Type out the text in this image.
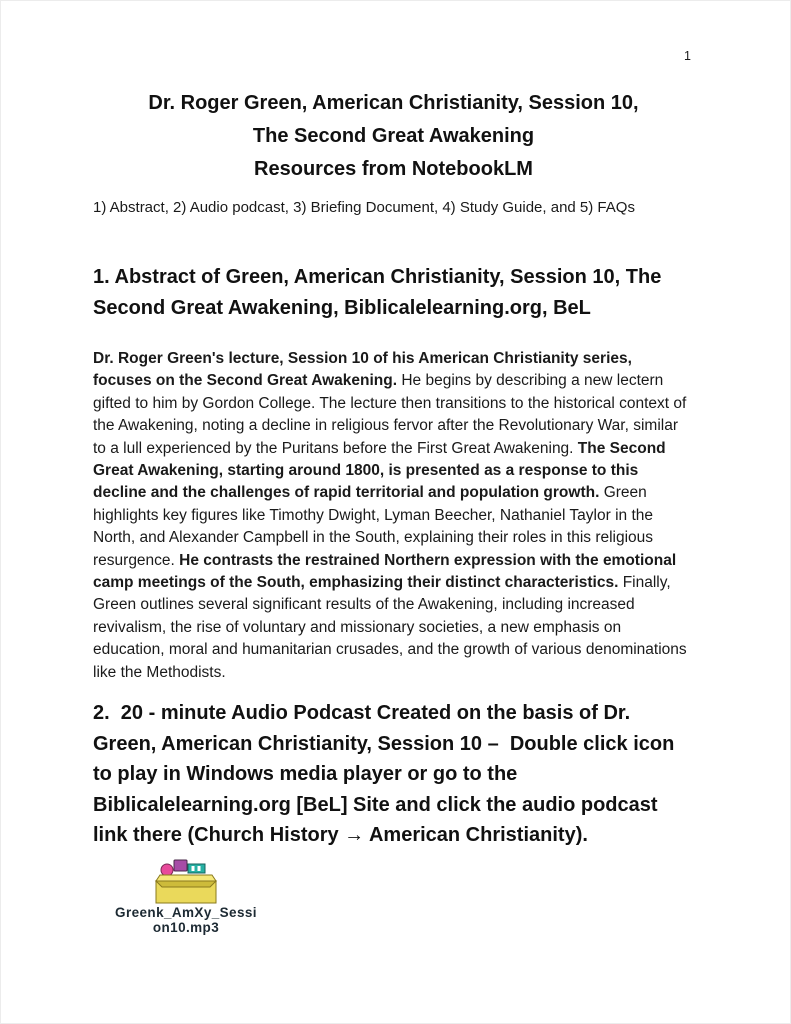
1
Dr. Roger Green, American Christianity, Session 10,
The Second Great Awakening
Resources from NotebookLM

1) Abstract, 2) Audio podcast, 3) Briefing Document, 4) Study Guide, and 5) FAQs

1. Abstract of Green, American Christianity, Session 10, The Second Great Awakening, Biblicalelearning.org, BeL

Dr. Roger Green's lecture, Session 10 of his American Christianity series, focuses on the Second Great Awakening. He begins by describing a new lectern gifted to him by Gordon College. The lecture then transitions to the historical context of the Awakening, noting a decline in religious fervor after the Revolutionary War, similar to a lull experienced by the Puritans before the First Great Awakening. The Second Great Awakening, starting around 1800, is presented as a response to this decline and the challenges of rapid territorial and population growth. Green highlights key figures like Timothy Dwight, Lyman Beecher, Nathaniel Taylor in the North, and Alexander Campbell in the South, explaining their roles in this religious resurgence. He contrasts the restrained Northern expression with the emotional camp meetings of the South, emphasizing their distinct characteristics. Finally, Green outlines several significant results of the Awakening, including increased revivalism, the rise of voluntary and missionary societies, a new emphasis on education, moral and humanitarian crusades, and the growth of various denominations like the Methodists.

2.  20 - minute Audio Podcast Created on the basis of Dr. Green, American Christianity, Session 10 –  Double click icon to play in Windows media player or go to the Biblicalelearning.org [BeL] Site and click the audio podcast link there (Church History → American Christianity).
Greenk_AmXy_Sessi
on10.mp3
